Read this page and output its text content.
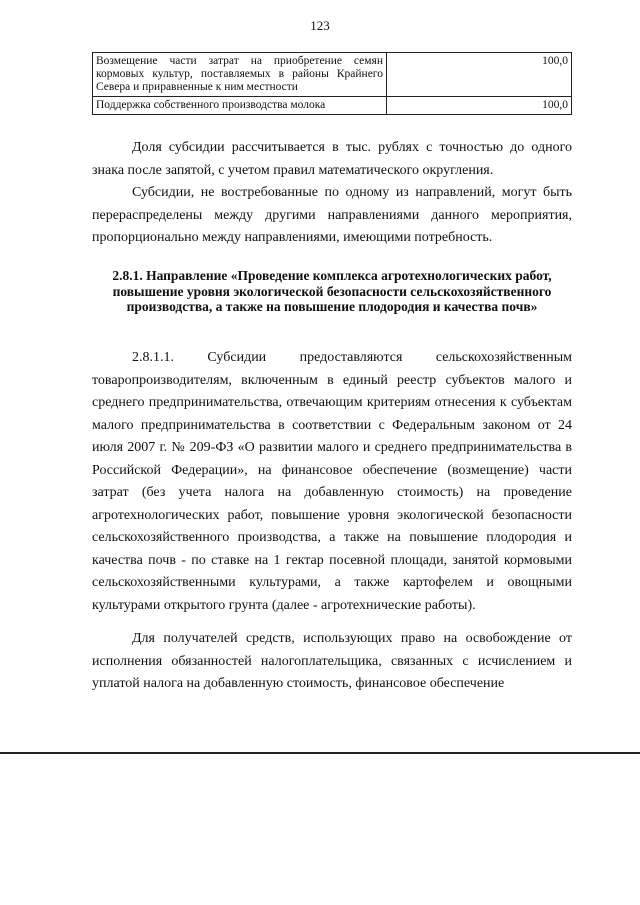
123
Возмещение части затрат на приобретение семян кормовых культур, поставляемых в районы Крайнего Севера и приравненные к ним местности	100,0
Поддержка собственного производства молока	100,0

Доля субсидии рассчитывается в тыс. рублях с точностью до одного знака после запятой, с учетом правил математического округления.

Субсидии, не востребованные по одному из направлений, могут быть перераспределены между другими направлениями данного мероприятия, пропорционально между направлениями, имеющими потребность.

2.8.1. Направление «Проведение комплекса агротехнологических работ, повышение уровня экологической безопасности сельскохозяйственного производства, а также на повышение плодородия и качества почв»

2.8.1.1. Субсидии предоставляются сельскохозяйственным товаропроизводителям, включенным в единый реестр субъектов малого и среднего предпринимательства, отвечающим критериям отнесения к субъектам малого предпринимательства в соответствии с Федеральным законом от 24 июля 2007 г. № 209-ФЗ «О развитии малого и среднего предпринимательства в Российской Федерации», на финансовое обеспечение (возмещение) части затрат (без учета налога на добавленную стоимость) на проведение агротехнологических работ, повышение уровня экологической безопасности сельскохозяйственного производства, а также на повышение плодородия и качества почв - по ставке на 1 гектар посевной площади, занятой кормовыми сельскохозяйственными культурами, а также картофелем и овощными культурами открытого грунта (далее - агротехнические работы).

Для получателей средств, использующих право на освобождение от исполнения обязанностей налогоплательщика, связанных с исчислением и уплатой налога на добавленную стоимость, финансовое обеспечение
